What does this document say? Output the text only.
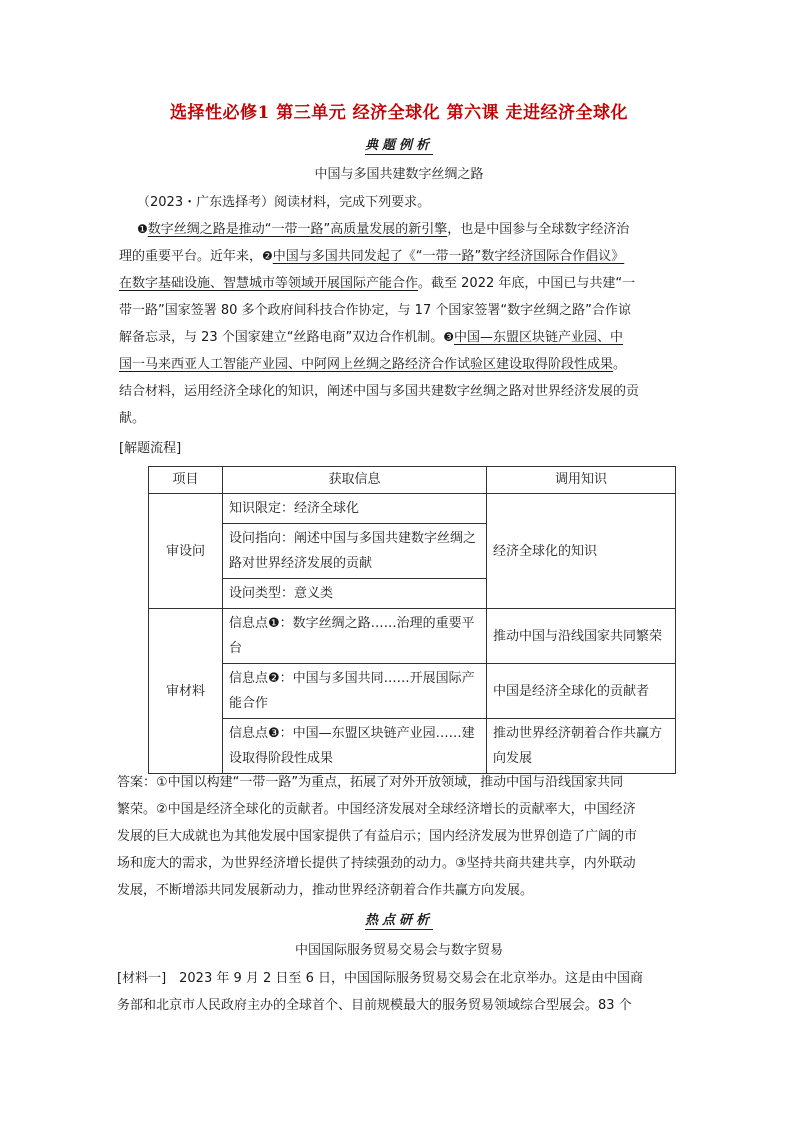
选择性必修1 第三单元 经济全球化 第六课 走进经济全球化
典题例析
中国与多国共建数字丝绸之路
（2023・广东选择考）阅读材料，完成下列要求。
❶数字丝绸之路是推动“一带一路”高质量发展的新引擎，也是中国参与全球数字经济治
理的重要平台。近年来，❷中国与多国共同发起了《“一带一路”数字经济国际合作倡议》
在数字基础设施、智慧城市等领域开展国际产能合作。截至 2022 年底，中国已与共建“一
带一路”国家签署 80 多个政府间科技合作协定，与 17 个国家签署“数字丝绸之路”合作谅
解备忘录，与 23 个国家建立“丝路电商”双边合作机制。❸中国—东盟区块链产业园、中
国一马来西亚人工智能产业园、中阿网上丝绸之路经济合作试验区建设取得阶段性成果。
结合材料，运用经济全球化的知识，阐述中国与多国共建数字丝绸之路对世界经济发展的贡
献。
[解题流程]
项目	获取信息	调用知识
审设问	知识限定：经济全球化	经济全球化的知识
	设问指向：阐述中国与多国共建数字丝绸之路对世界经济发展的贡献	
	设问类型：意义类	
审材料	信息点❶：数字丝绸之路……治理的重要平台	推动中国与沿线国家共同繁荣
	信息点❷：中国与多国共同……开展国际产能合作	中国是经济全球化的贡献者
	信息点❸：中国—东盟区块链产业园……建设取得阶段性成果	推动世界经济朝着合作共赢方向发展
答案：①中国以构建“一带一路”为重点，拓展了对外开放领域，推动中国与沿线国家共同
繁荣。②中国是经济全球化的贡献者。中国经济发展对全球经济增长的贡献率大，中国经济
发展的巨大成就也为其他发展中国家提供了有益启示；国内经济发展为世界创造了广阔的市
场和庞大的需求，为世界经济增长提供了持续强劲的动力。③坚持共商共建共享，内外联动
发展，不断增添共同发展新动力，推动世界经济朝着合作共赢方向发展。
热点研析
中国国际服务贸易交易会与数字贸易
[材料一]　2023 年 9 月 2 日至 6 日，中国国际服务贸易交易会在北京举办。这是由中国商
务部和北京市人民政府主办的全球首个、目前规模最大的服务贸易领域综合型展会。83 个
